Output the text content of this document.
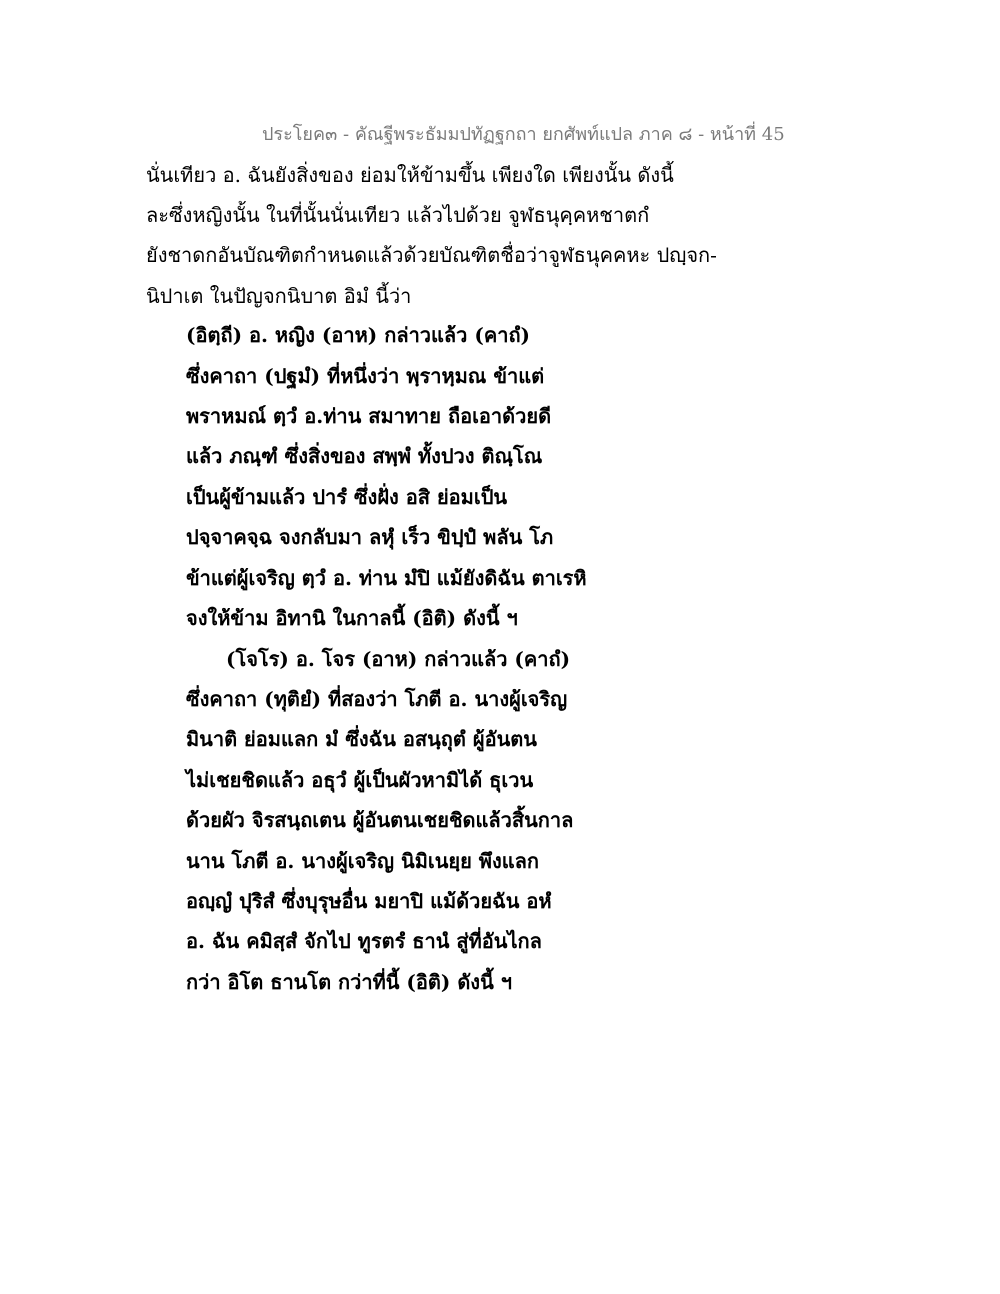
ประโยค๓ - คัณฐีพระธัมมปทัฏฐกถา ยกศัพท์แปล ภาค ๘ - หน้าที่ 45
นั่นเทียว อ. ฉันยังสิ่งของ ย่อมให้ข้ามขึ้น เพียงใด เพียงนั้น ดังนี้
ละซึ่งหญิงนั้น ในที่นั้นนั่นเทียว แล้วไปด้วย จูฬธนุคฺคหชาตกํ
ยังชาดกอันบัณฑิตกำหนดแล้วด้วยบัณฑิตชื่อว่าจูฬธนุคคหะ ปญฺจก-
นิปาเต ในปัญจกนิบาต อิมํ นี้ว่า
(อิตฺถี) อ. หญิง (อาห) กล่าวแล้ว (คาถํ)
ซึ่งคาถา (ปฐมํ) ที่หนึ่งว่า พฺราหฺมณ ข้าแต่
พราหมณ์ ตฺวํ อ.ท่าน สมาทาย ถือเอาด้วยดี
แล้ว ภณฺฑํ ซึ่งสิ่งของ สพฺพํ ทั้งปวง ติณฺโณ
เป็นผู้ข้ามแล้ว ปารํ ซึ่งฝั่ง อสิ ย่อมเป็น
ปจฺจาคจฺฉ จงกลับมา ลหุํ เร็ว ขิปฺปํ พลัน โภ
ข้าแต่ผู้เจริญ ตฺวํ อ. ท่าน มํปิ แม้ยังดิฉัน ตาเรหิ
จงให้ข้าม อิทานิ ในกาลนี้ (อิติ) ดังนี้ ฯ
(โจโร) อ. โจร (อาห) กล่าวแล้ว (คาถํ)
ซึ่งคาถา (ทุติยํ) ที่สองว่า โภตี อ. นางผู้เจริญ
มินาติ ย่อมแลก มํ ซึ่งฉัน อสนฺถุตํ ผู้อันตน
ไม่เชยชิดแล้ว อธุวํ ผู้เป็นผัวหามิได้ ธุเวน
ด้วยผัว จิรสนฺถเตน ผู้อันตนเชยชิดแล้วสิ้นกาล
นาน โภตี อ. นางผู้เจริญ นิมิเนยฺย พึงแลก
อญฺญํ ปุริสํ ซึ่งบุรุษอื่น มยาปิ แม้ด้วยฉัน อหํ
อ. ฉัน คมิสฺสํ จักไป ทูรตรํ ธานํ สู่ที่อันไกล
กว่า อิโต ธานโต กว่าที่นี้ (อิติ) ดังนี้ ฯ
